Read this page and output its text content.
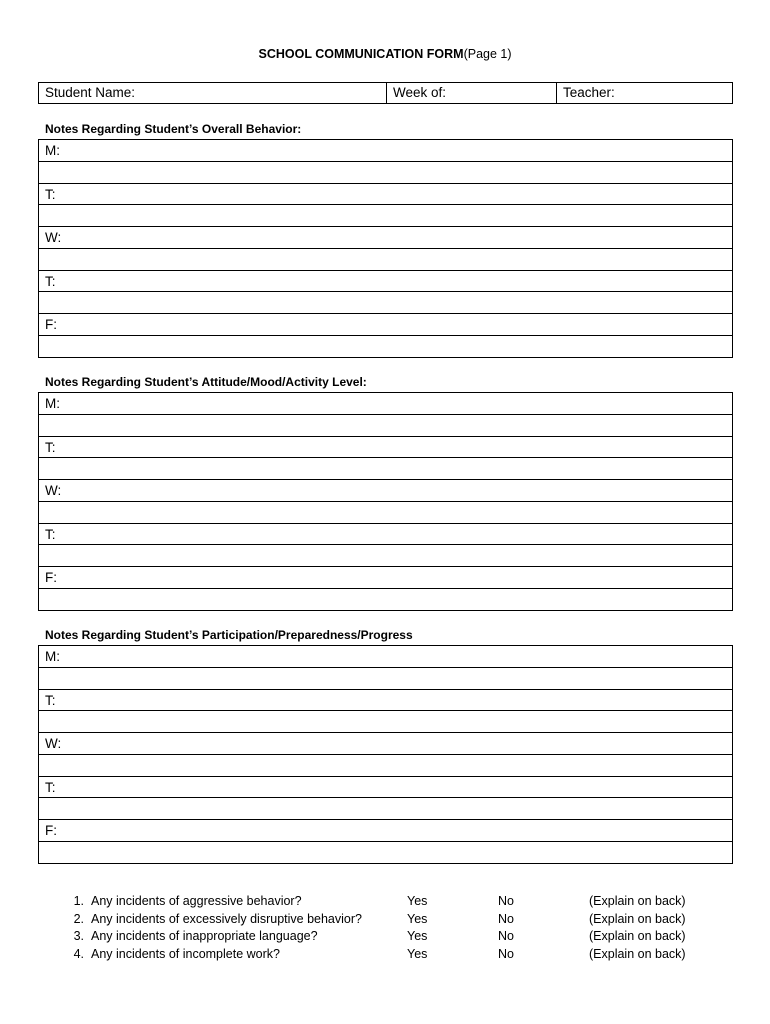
SCHOOL COMMUNICATION FORM(Page 1)
Student Name:	Week of:	Teacher:
Notes Regarding Student’s Overall Behavior:
M:
T:
W:
T:
F:
Notes Regarding Student’s Attitude/Mood/Activity Level:
M:
T:
W:
T:
F:
Notes Regarding Student’s Participation/Preparedness/Progress
M:
T:
W:
T:
F:
1. Any incidents of aggressive behavior?	Yes	No	(Explain on back)
2. Any incidents of excessively disruptive behavior?	Yes	No	(Explain on back)
3. Any incidents of inappropriate language?	Yes	No	(Explain on back)
4. Any incidents of incomplete work?	Yes	No	(Explain on back)
